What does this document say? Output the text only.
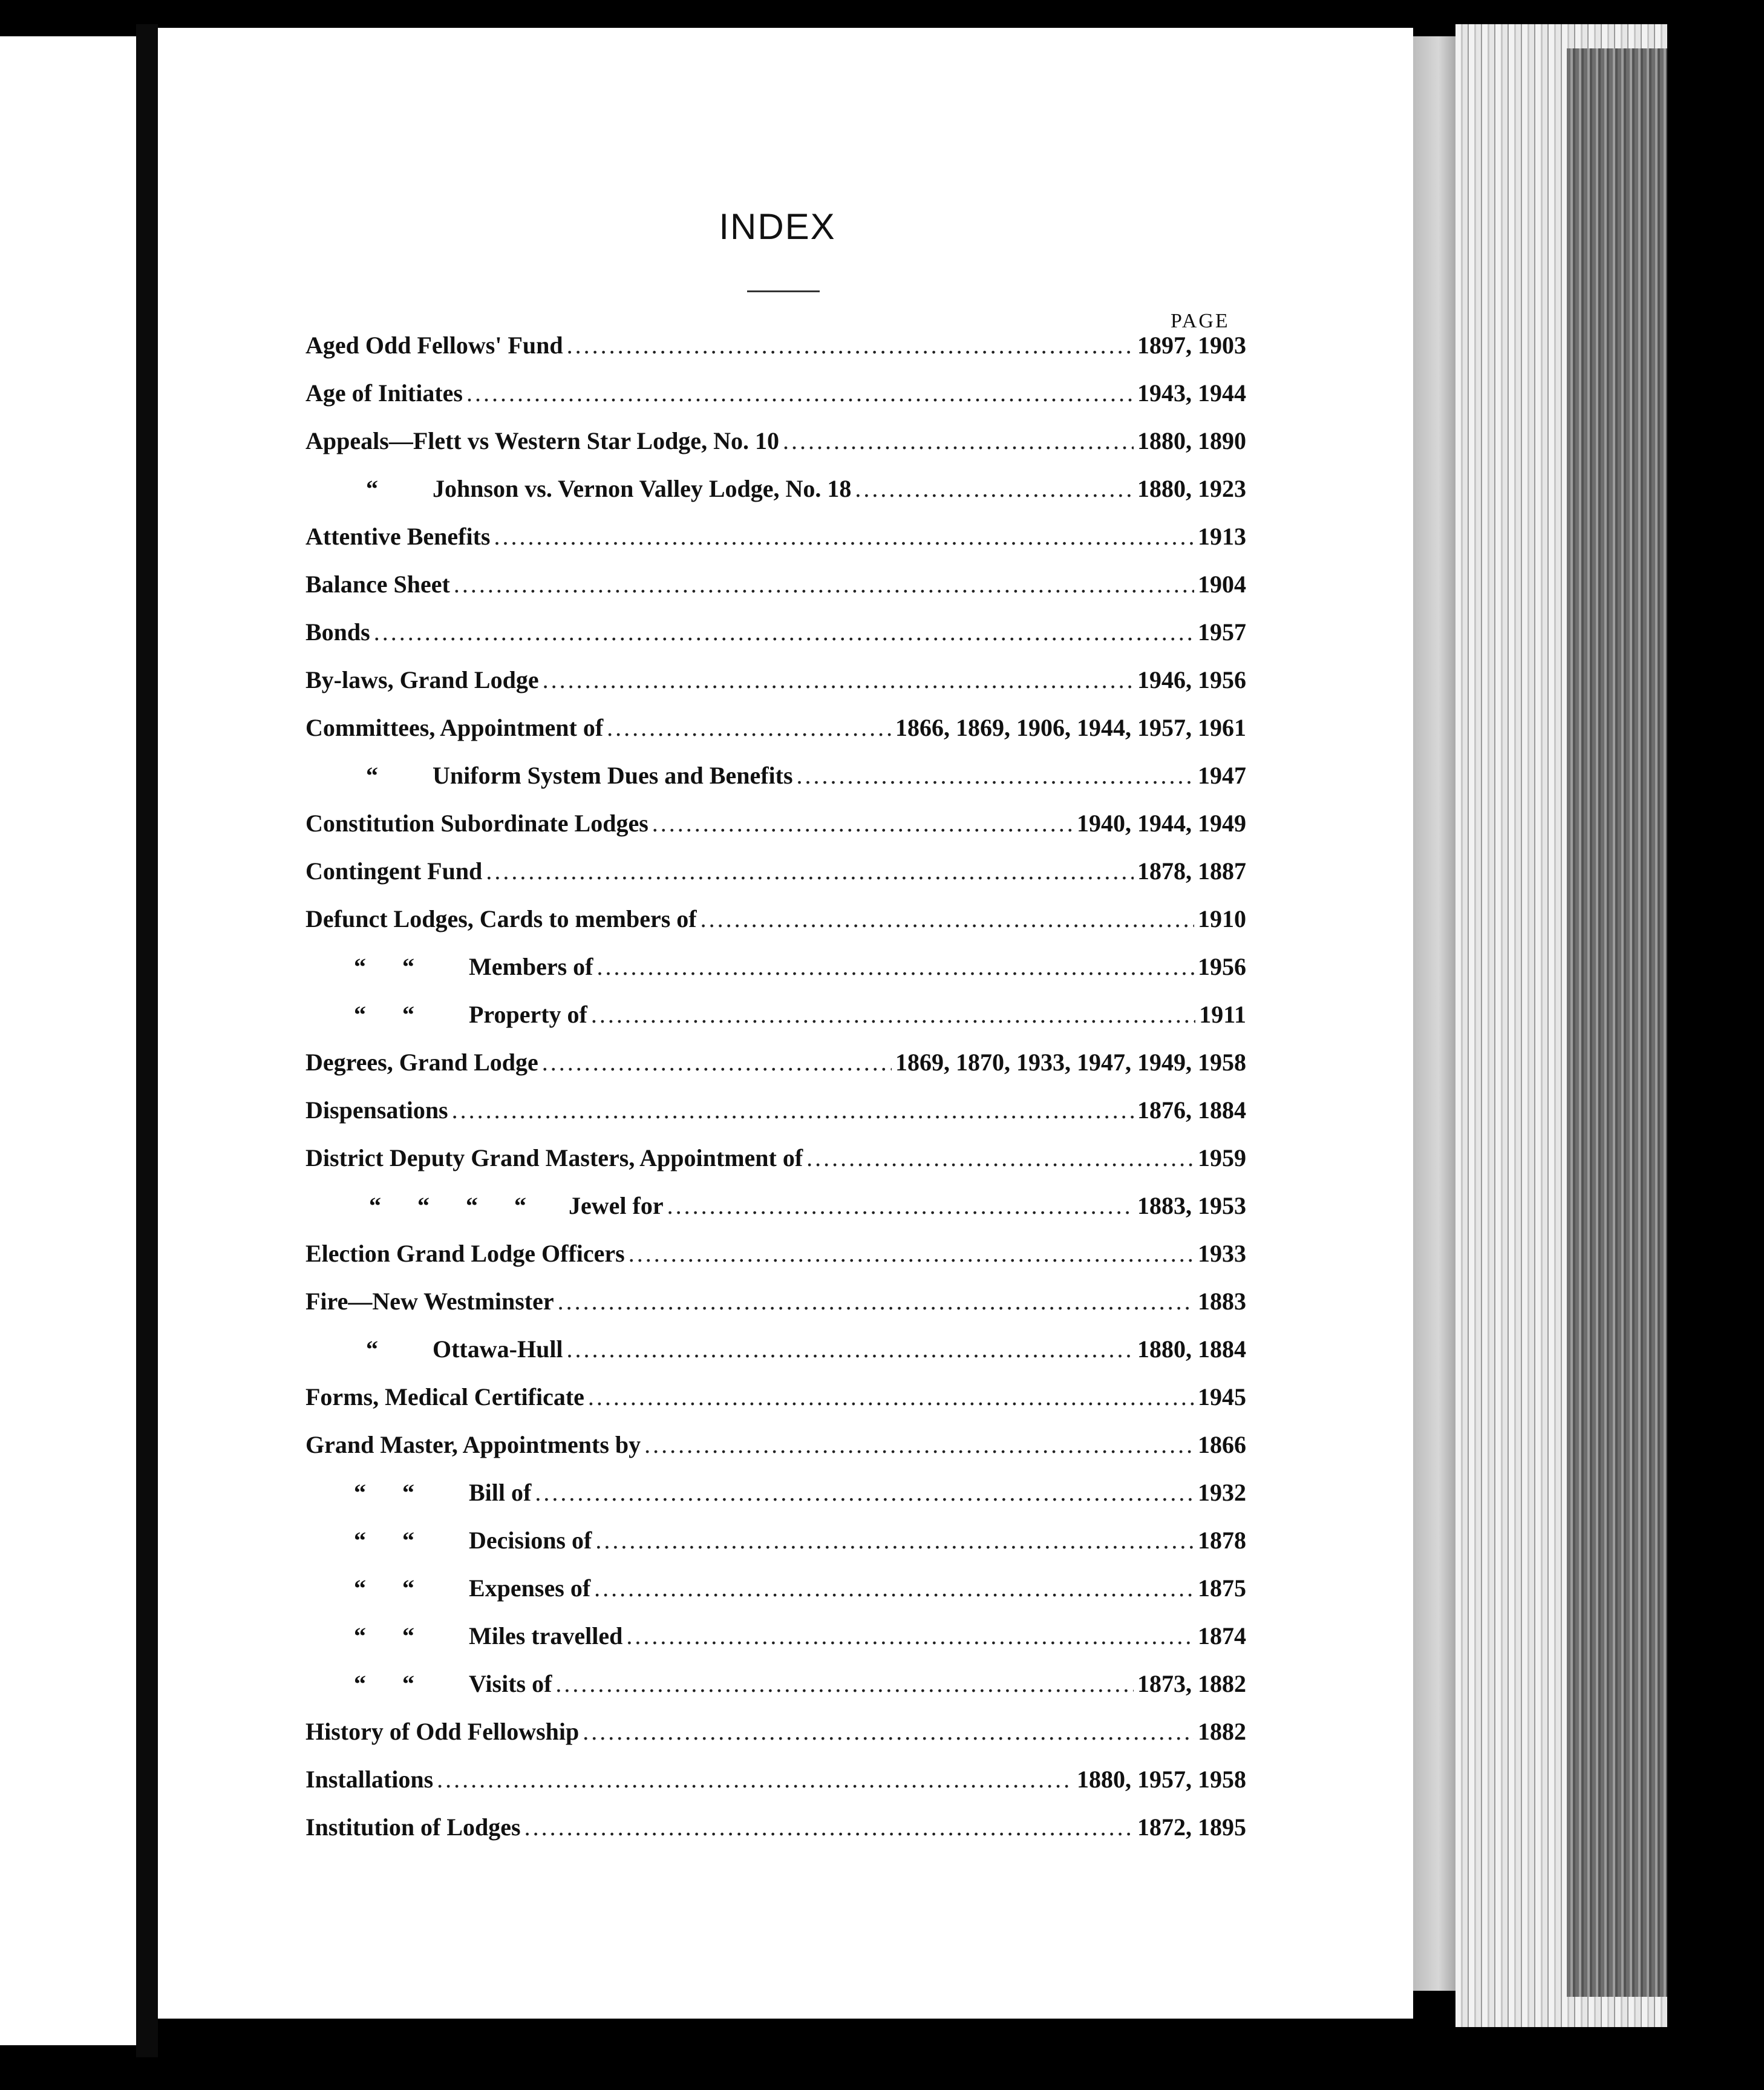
INDEX
PAGE
Aged Odd Fellows' Fund .....	1897, 1903
Age of Initiates .....	1943, 1944
Appeals—Flett vs Western Star Lodge, No. 10 .....	1880, 1890
“ Johnson vs. Vernon Valley Lodge, No. 18 .....	1880, 1923
Attentive Benefits .....	1913
Balance Sheet .....	1904
Bonds .....	1957
By-laws, Grand Lodge .....	1946, 1956
Committees, Appointment of .....	1866, 1869, 1906, 1944, 1957, 1961
“ Uniform System Dues and Benefits .....	1947
Constitution Subordinate Lodges .....	1940, 1944, 1949
Contingent Fund .....	1878, 1887
Defunct Lodges, Cards to members of .....	1910
“      “ Members of .....	1956
“      “ Property of .....	1911
Degrees, Grand Lodge .....	1869, 1870, 1933, 1947, 1949, 1958
Dispensations .....	1876, 1884
District Deputy Grand Masters, Appointment of .....	1959
“      “      “      “ Jewel for .....	1883, 1953
Election Grand Lodge Officers .....	1933
Fire—New Westminster .....	1883
“ Ottawa-Hull .....	1880, 1884
Forms, Medical Certificate .....	1945
Grand Master, Appointments by .....	1866
“      “ Bill of .....	1932
“      “ Decisions of .....	1878
“      “ Expenses of .....	1875
“      “ Miles travelled .....	1874
“      “ Visits of .....	1873, 1882
History of Odd Fellowship .....	1882
Installations .....	1880, 1957, 1958
Institution of Lodges .....	1872, 1895
